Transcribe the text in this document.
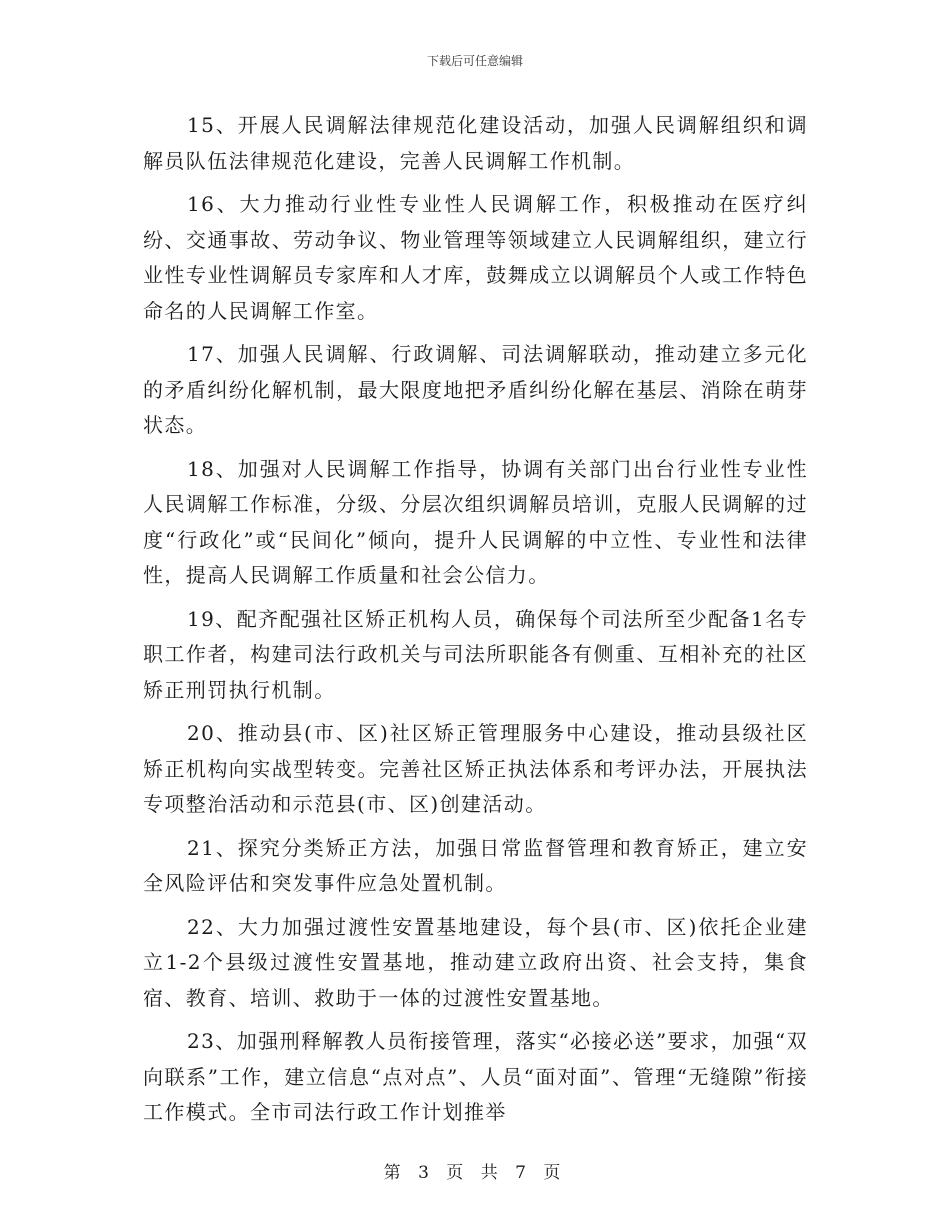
下载后可任意编辑

15、开展人民调解法律规范化建设活动，加强人民调解组织和调解员队伍法律规范化建设，完善人民调解工作机制。

16、大力推动行业性专业性人民调解工作，积极推动在医疗纠纷、交通事故、劳动争议、物业管理等领域建立人民调解组织，建立行业性专业性调解员专家库和人才库，鼓舞成立以调解员个人或工作特色命名的人民调解工作室。

17、加强人民调解、行政调解、司法调解联动，推动建立多元化的矛盾纠纷化解机制，最大限度地把矛盾纠纷化解在基层、消除在萌芽状态。

18、加强对人民调解工作指导，协调有关部门出台行业性专业性人民调解工作标准，分级、分层次组织调解员培训，克服人民调解的过度“行政化”或“民间化”倾向，提升人民调解的中立性、专业性和法律性，提高人民调解工作质量和社会公信力。

19、配齐配强社区矫正机构人员，确保每个司法所至少配备1名专职工作者，构建司法行政机关与司法所职能各有侧重、互相补充的社区矫正刑罚执行机制。

20、推动县(市、区)社区矫正管理服务中心建设，推动县级社区矫正机构向实战型转变。完善社区矫正执法体系和考评办法，开展执法专项整治活动和示范县(市、区)创建活动。

21、探究分类矫正方法，加强日常监督管理和教育矫正，建立安全风险评估和突发事件应急处置机制。

22、大力加强过渡性安置基地建设，每个县(市、区)依托企业建立1-2个县级过渡性安置基地，推动建立政府出资、社会支持，集食宿、教育、培训、救助于一体的过渡性安置基地。

23、加强刑释解教人员衔接管理，落实“必接必送”要求，加强“双向联系”工作，建立信息“点对点”、人员“面对面”、管理“无缝隙”衔接工作模式。全市司法行政工作计划推举

第 3 页 共 7 页
